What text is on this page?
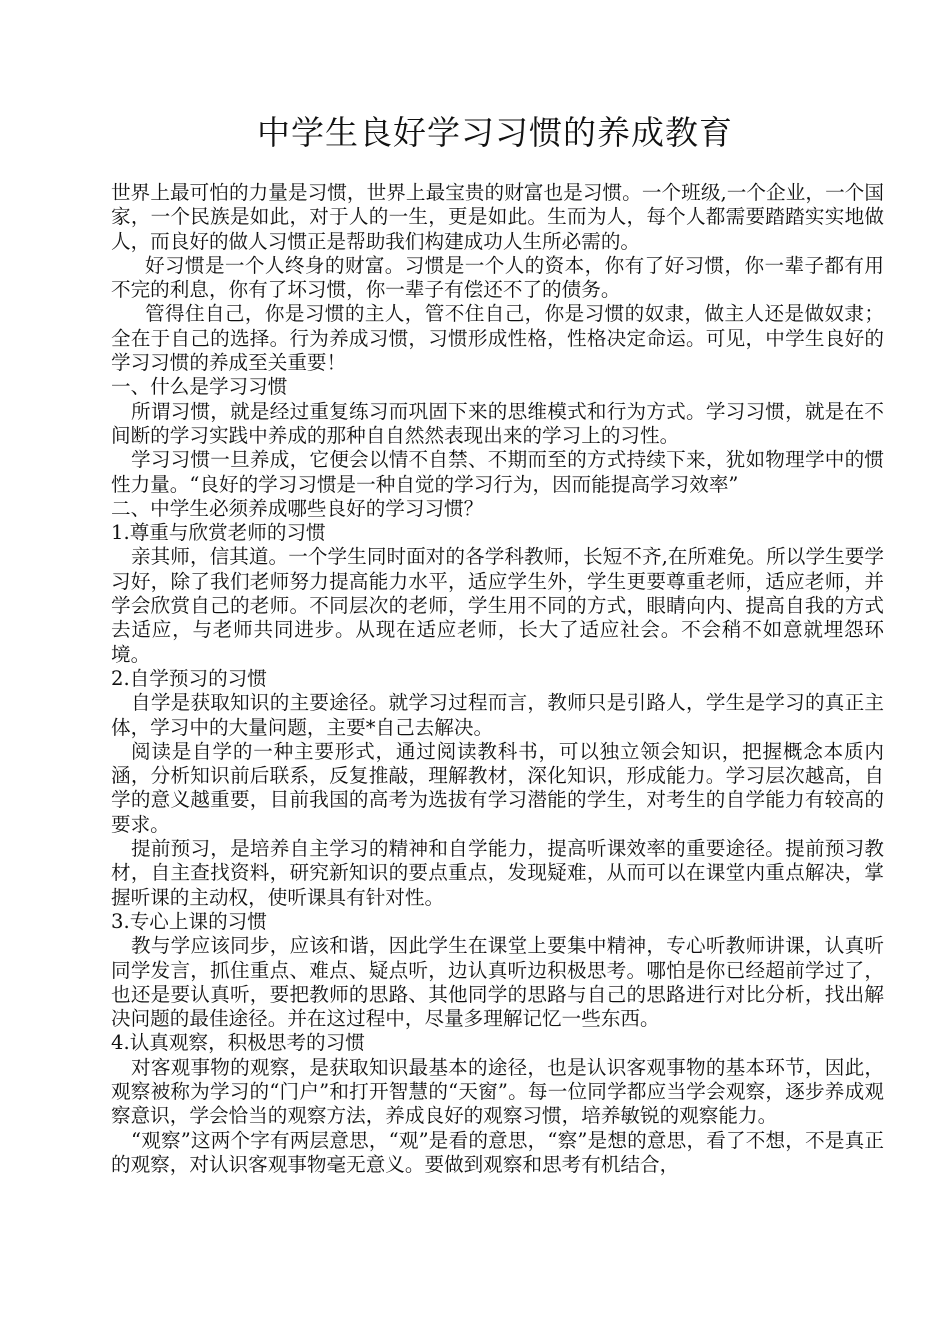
中学生良好学习习惯的养成教育

世界上最可怕的力量是习惯，世界上最宝贵的财富也是习惯。一个班级,一个企业，一个国家，一个民族是如此，对于人的一生，更是如此。生而为人，每个人都需要踏踏实实地做人，而良好的做人习惯正是帮助我们构建成功人生所必需的。

好习惯是一个人终身的财富。习惯是一个人的资本，你有了好习惯，你一辈子都有用不完的利息，你有了坏习惯，你一辈子有偿还不了的债务。

管得住自己，你是习惯的主人，管不住自己，你是习惯的奴隶，做主人还是做奴隶；全在于自己的选择。行为养成习惯，习惯形成性格，性格决定命运。可见，中学生良好的学习习惯的养成至关重要！

一、什么是学习习惯

所谓习惯，就是经过重复练习而巩固下来的思维模式和行为方式。学习习惯，就是在不间断的学习实践中养成的那种自自然然表现出来的学习上的习性。

学习习惯一旦养成，它便会以情不自禁、不期而至的方式持续下来，犹如物理学中的惯性力量。“良好的学习习惯是一种自觉的学习行为，因而能提高学习效率”

二、中学生必须养成哪些良好的学习习惯？

1.尊重与欣赏老师的习惯

亲其师，信其道。一个学生同时面对的各学科教师，长短不齐,在所难免。所以学生要学习好，除了我们老师努力提高能力水平，适应学生外，学生更要尊重老师，适应老师，并学会欣赏自己的老师。不同层次的老师，学生用不同的方式，眼睛向内、提高自我的方式去适应，与老师共同进步。从现在适应老师，长大了适应社会。不会稍不如意就埋怨环境。

2.自学预习的习惯

自学是获取知识的主要途径。就学习过程而言，教师只是引路人，学生是学习的真正主体，学习中的大量问题，主要*自己去解决。

阅读是自学的一种主要形式，通过阅读教科书，可以独立领会知识，把握概念本质内涵，分析知识前后联系，反复推敲，理解教材，深化知识，形成能力。学习层次越高，自学的意义越重要，目前我国的高考为选拔有学习潜能的学生，对考生的自学能力有较高的要求。

提前预习，是培养自主学习的精神和自学能力，提高听课效率的重要途径。提前预习教材，自主查找资料，研究新知识的要点重点，发现疑难，从而可以在课堂内重点解决，掌握听课的主动权，使听课具有针对性。

3.专心上课的习惯

教与学应该同步，应该和谐，因此学生在课堂上要集中精神，专心听教师讲课，认真听同学发言，抓住重点、难点、疑点听，边认真听边积极思考。哪怕是你已经超前学过了，也还是要认真听，要把教师的思路、其他同学的思路与自己的思路进行对比分析，找出解决问题的最佳途径。并在这过程中，尽量多理解记忆一些东西。

4.认真观察，积极思考的习惯

对客观事物的观察，是获取知识最基本的途径，也是认识客观事物的基本环节，因此，观察被称为学习的“门户”和打开智慧的“天窗”。每一位同学都应当学会观察，逐步养成观察意识，学会恰当的观察方法，养成良好的观察习惯，培养敏锐的观察能力。

“观察”这两个字有两层意思，“观”是看的意思，“察”是想的意思，看了不想，不是真正的观察，对认识客观事物毫无意义。要做到观察和思考有机结合，
